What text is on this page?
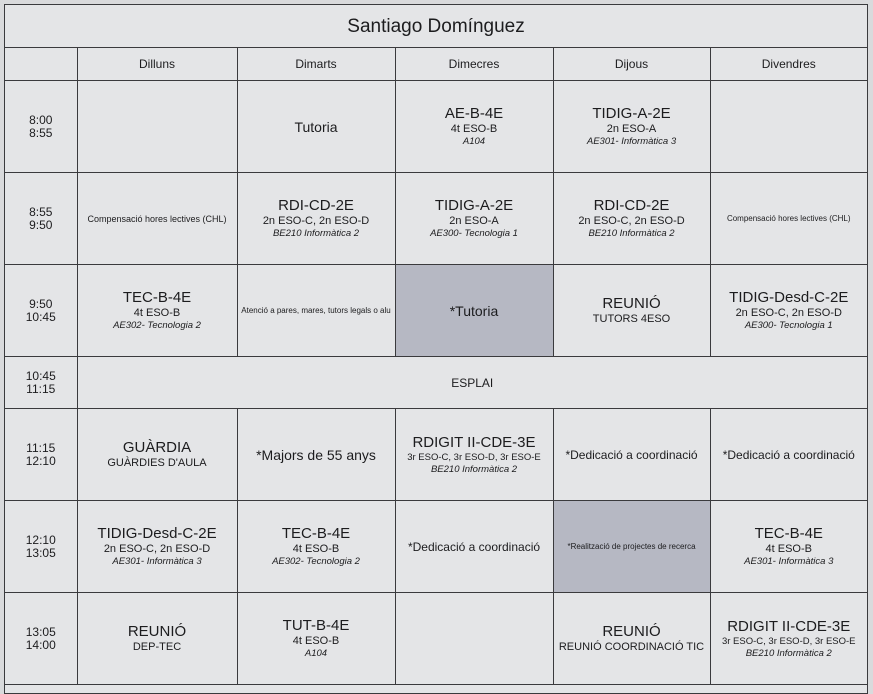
Santiago Domínguez
	Dilluns	Dimarts	Dimecres	Dijous	Divendres

8:00
8:55		Tutoria	AE-B-4E
4t ESO-B
A104	TIDIG-A-2E
2n ESO-A
AE301- Informàtica 3	

8:55
9:50	Compensació hores lectives (CHL)	RDI-CD-2E
2n ESO-C, 2n ESO-D
BE210 Informàtica 2	TIDIG-A-2E
2n ESO-A
AE300- Tecnologia 1	RDI-CD-2E
2n ESO-C, 2n ESO-D
BE210 Informàtica 2	Compensació hores lectives (CHL)

9:50
10:45	TEC-B-4E
4t ESO-B
AE302- Tecnologia 2	Atenció a pares, mares, tutors legals o alu	*Tutoria	REUNIÓ
TUTORS 4ESO	TIDIG-Desd-C-2E
2n ESO-C, 2n ESO-D
AE300- Tecnologia 1

10:45
11:15	ESPLAI				

11:15
12:10	GUÀRDIA
GUÀRDIES D'AULA	*Majors de 55 anys	RDIGIT II-CDE-3E
3r ESO-C, 3r ESO-D, 3r ESO-E
BE210 Informàtica 2	*Dedicació a coordinació	*Dedicació a coordinació

12:10
13:05	TIDIG-Desd-C-2E
2n ESO-C, 2n ESO-D
AE301- Informàtica 3	TEC-B-4E
4t ESO-B
AE302- Tecnologia 2	*Dedicació a coordinació	*Realització de projectes de recerca	TEC-B-4E
4t ESO-B
AE301- Informàtica 3

13:05
14:00	REUNIÓ
DEP-TEC	TUT-B-4E
4t ESO-B
A104		REUNIÓ
REUNIÓ COORDINACIÓ TIC	RDIGIT II-CDE-3E
3r ESO-C, 3r ESO-D, 3r ESO-E
BE210 Informàtica 2
